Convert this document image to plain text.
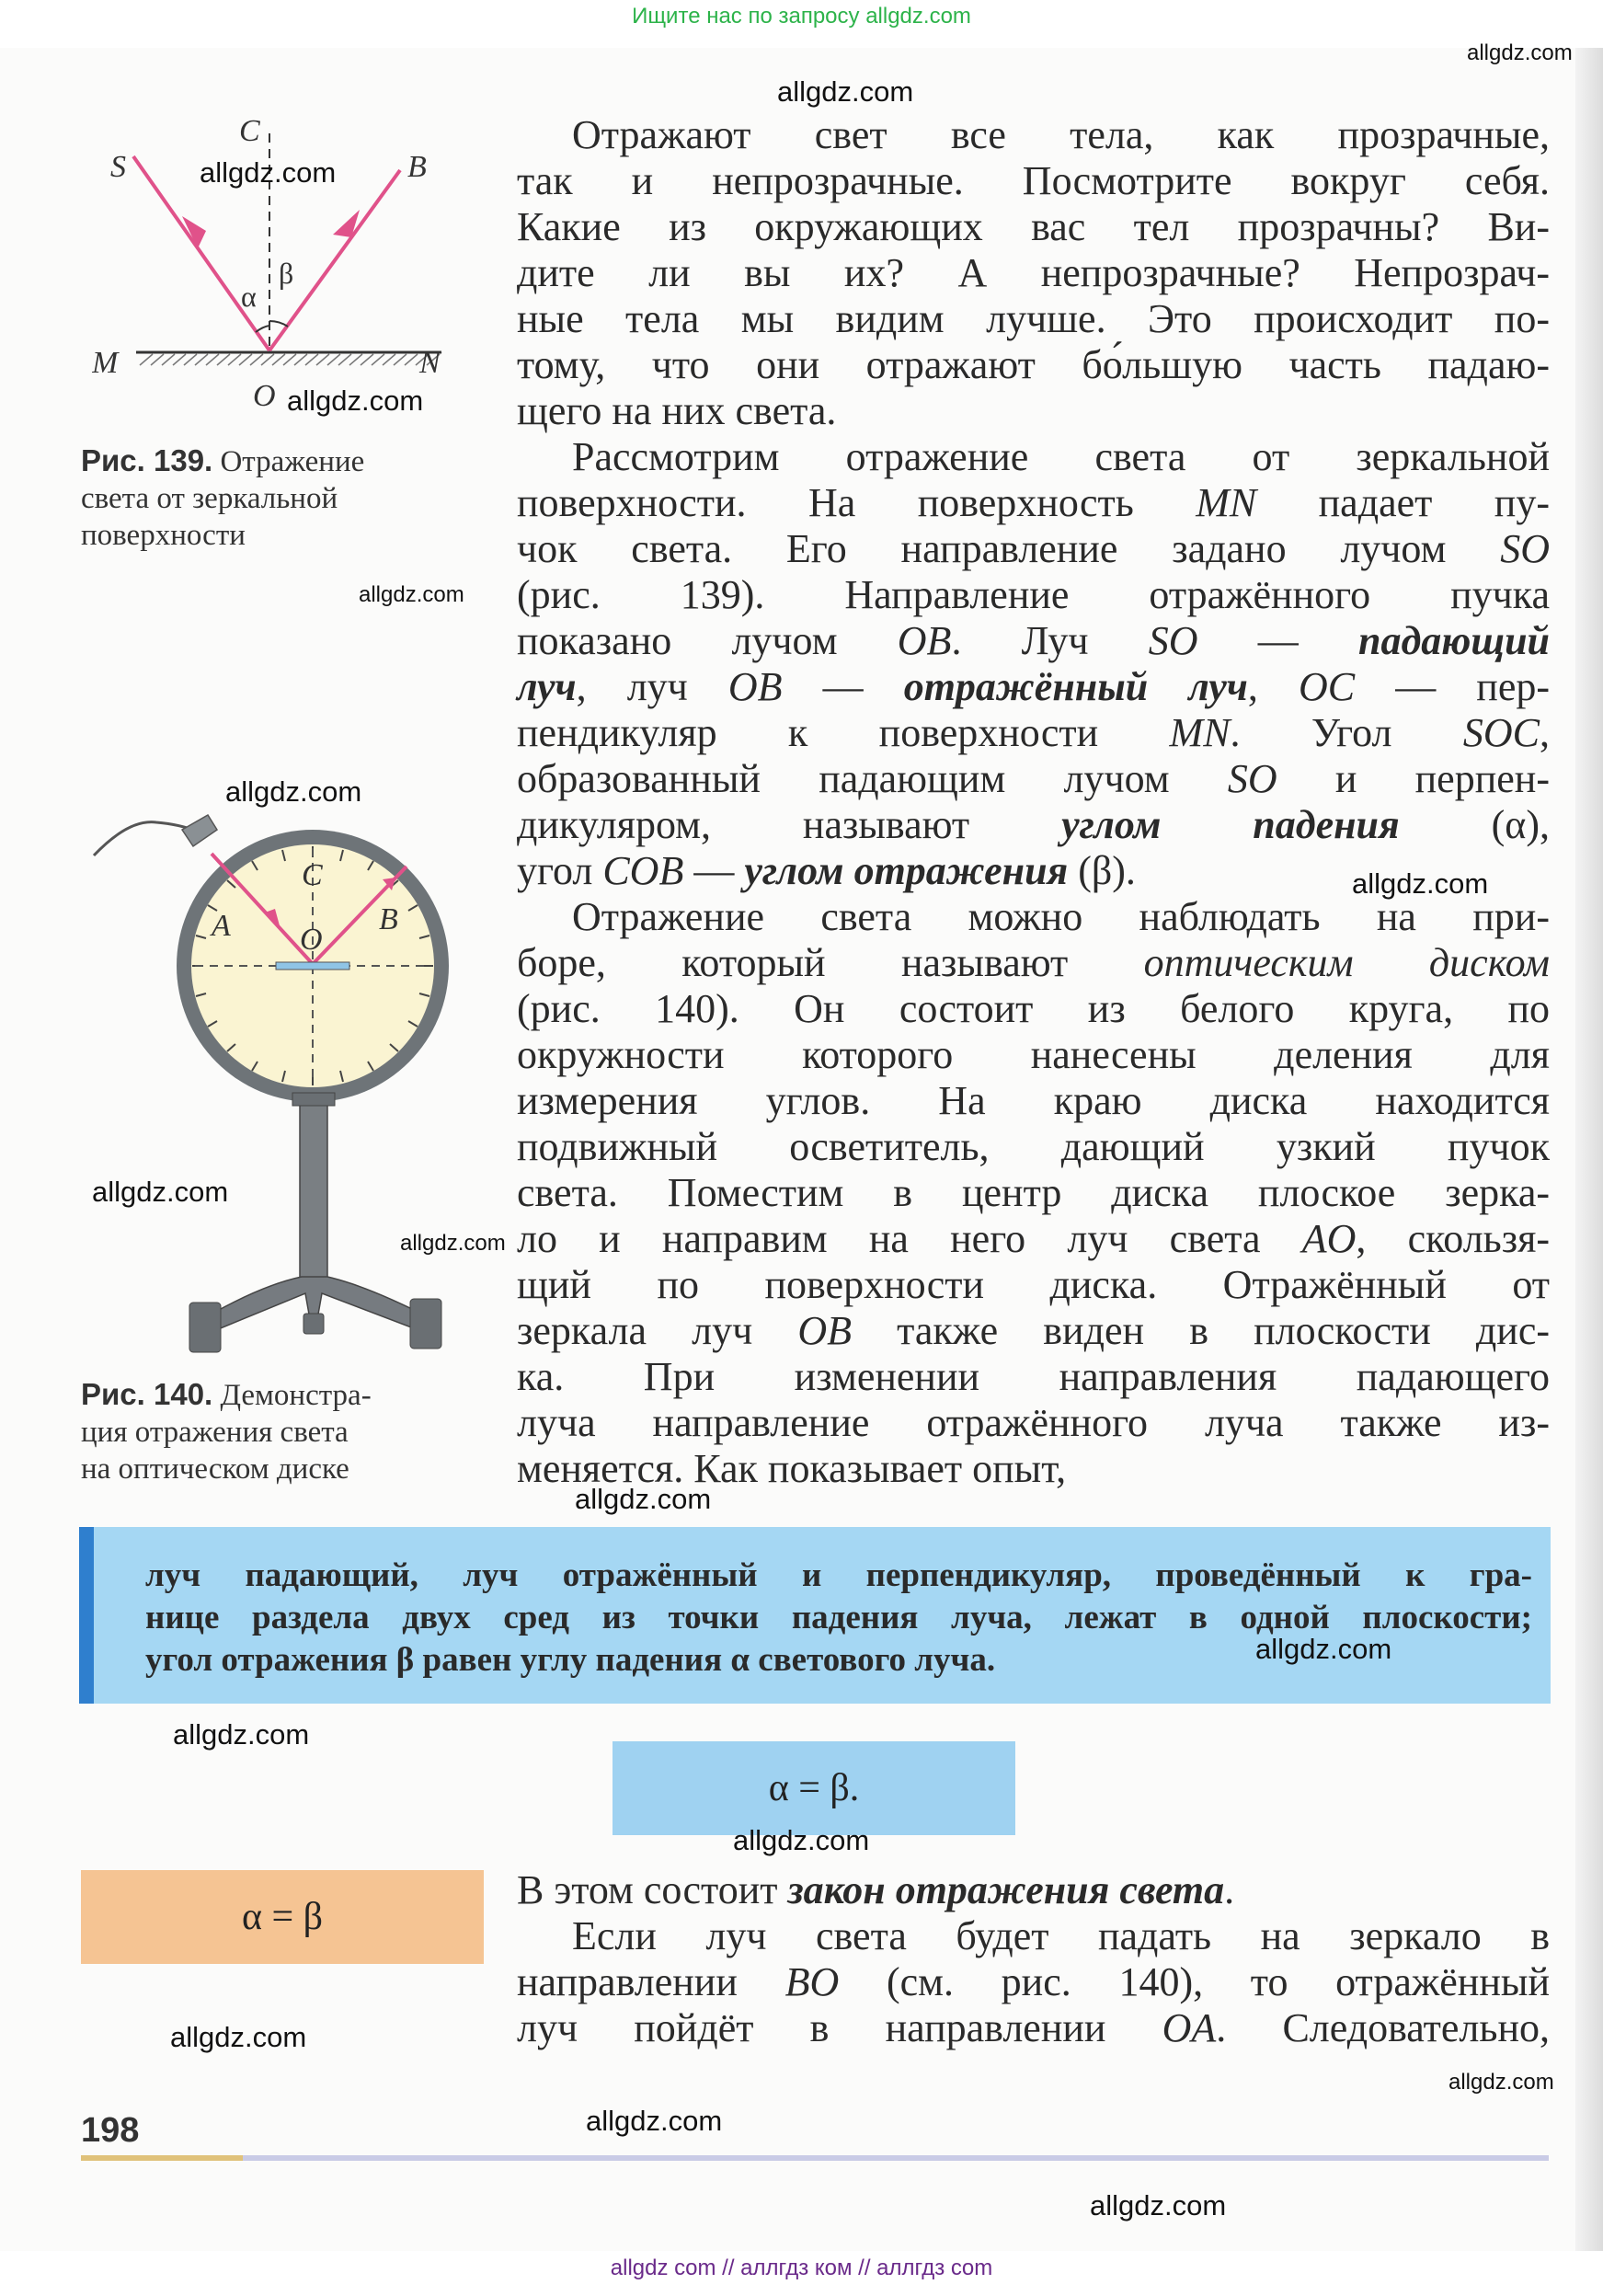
Ищите нас по запросу allgdz.com
C
S	B
α
β
M	N
O
Рис. 139. Отражение
света от зеркальной
поверхности
C
A O
B
Рис. 140. Демонстра-
ция отражения света
на оптическом диске
Отражают свет все тела, как прозрачные,
так и непрозрачные. Посмотрите вокруг себя.
Какие из окружающих вас тел прозрачны? Ви-
дите ли вы их? А непрозрачные? Непрозрач-
ные тела мы видим лучше. Это происходит по-
тому, что они отражают бо́льшую часть падаю-
щего на них света.
Рассмотрим отражение света от зеркальной
поверхности. На поверхность MN падает пу-
чок света. Его направление задано лучом SO
(рис. 139). Направление отражённого пучка
показано лучом OB. Луч SO — падающий
луч, луч OB — отражённый луч, OC — пер-
пендикуляр к поверхности MN. Угол SOC,
образованный падающим лучом SO и перпен-
дикуляром, называют углом падения (α),
угол COB — углом отражения (β).
Отражение света можно наблюдать на при-
боре, который называют оптическим диском
(рис. 140). Он состоит из белого круга, по
окружности которого нанесены деления для
измерения углов. На краю диска находится
подвижный осветитель, дающий узкий пучок
света. Поместим в центр диска плоское зерка-
ло и направим на него луч света AO, скользя-
щий по поверхности диска. Отражённый от
зеркала луч OB также виден в плоскости дис-
ка. При изменении направления падающего
луча направление отражённого луча также из-
меняется. Как показывает опыт,
луч падающий, луч отражённый и перпендикуляр, проведённый к гра-
нице раздела двух сред из точки падения луча, лежат в одной плоскости;
угол отражения β равен углу падения α светового луча.
α = β.
α = β
В этом состоит закон отражения света.
Если луч света будет падать на зеркало в
направлении BO (см. рис. 140), то отражённый
луч пойдёт в направлении OA. Следовательно,
198
allgdz.com
allgdz.com
allgdz.com
allgdz.com
allgdz.com
allgdz.com
allgdz.com
allgdz.com
allgdz.com
allgdz.com
allgdz.com
allgdz.com
allgdz.com
allgdz.com
allgdz.com
allgdz.com
allgdz.com
allgdz com // аллгдз ком // аллгдз com
